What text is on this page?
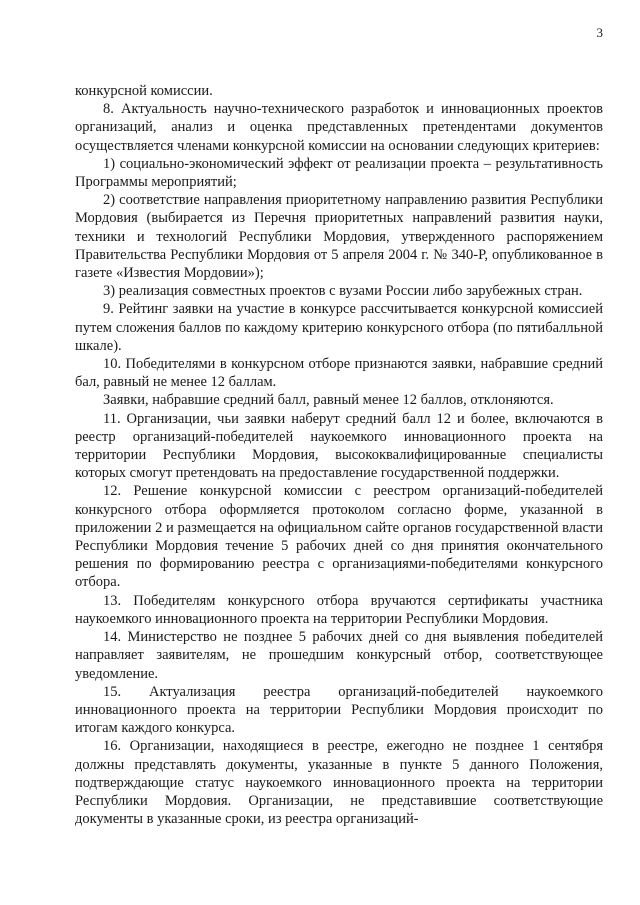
3

конкурсной комиссии.

8. Актуальность научно-технического разработок и инновационных проектов организаций, анализ и оценка представленных претендентами документов осуществляется членами конкурсной комиссии на основании следующих критериев:

1) социально-экономический эффект от реализации проекта – результативность Программы мероприятий;

2) соответствие направления приоритетному направлению развития Республики Мордовия (выбирается из Перечня приоритетных направлений развития науки, техники и технологий Республики Мордовия, утвержденного распоряжением Правительства Республики Мордовия от 5 апреля 2004 г. № 340-Р, опубликованное в газете «Известия Мордовии»);

3) реализация совместных проектов с вузами России либо зарубежных стран.

9. Рейтинг заявки на участие в конкурсе рассчитывается конкурсной комиссией путем сложения баллов по каждому критерию конкурсного отбора (по пятибалльной шкале).

10. Победителями в конкурсном отборе признаются заявки, набравшие средний бал, равный не менее 12 баллам.

Заявки, набравшие средний балл, равный менее 12 баллов, отклоняются.

11. Организации, чьи заявки наберут средний балл 12 и более, включаются в реестр организаций-победителей наукоемкого инновационного проекта на территории Республики Мордовия, высококвалифицированные специалисты которых смогут претендовать на предоставление государственной поддержки.

12. Решение конкурсной комиссии с реестром организаций-победителей конкурсного отбора оформляется протоколом согласно форме, указанной в приложении 2 и размещается на официальном сайте органов государственной власти Республики Мордовия течение 5 рабочих дней со дня принятия окончательного решения по формированию реестра с организациями-победителями конкурсного отбора.

13. Победителям конкурсного отбора вручаются сертификаты участника наукоемкого инновационного проекта на территории Республики Мордовия.

14. Министерство не позднее 5 рабочих дней со дня выявления победителей направляет заявителям, не прошедшим конкурсный отбор, соответствующее уведомление.

15. Актуализация реестра организаций-победителей наукоемкого инновационного проекта на территории Республики Мордовия происходит по итогам каждого конкурса.

16. Организации, находящиеся в реестре, ежегодно не позднее 1 сентября должны представлять документы, указанные в пункте 5 данного Положения, подтверждающие статус наукоемкого инновационного проекта на территории Республики Мордовия. Организации, не представившие соответствующие документы в указанные сроки, из реестра организаций-
